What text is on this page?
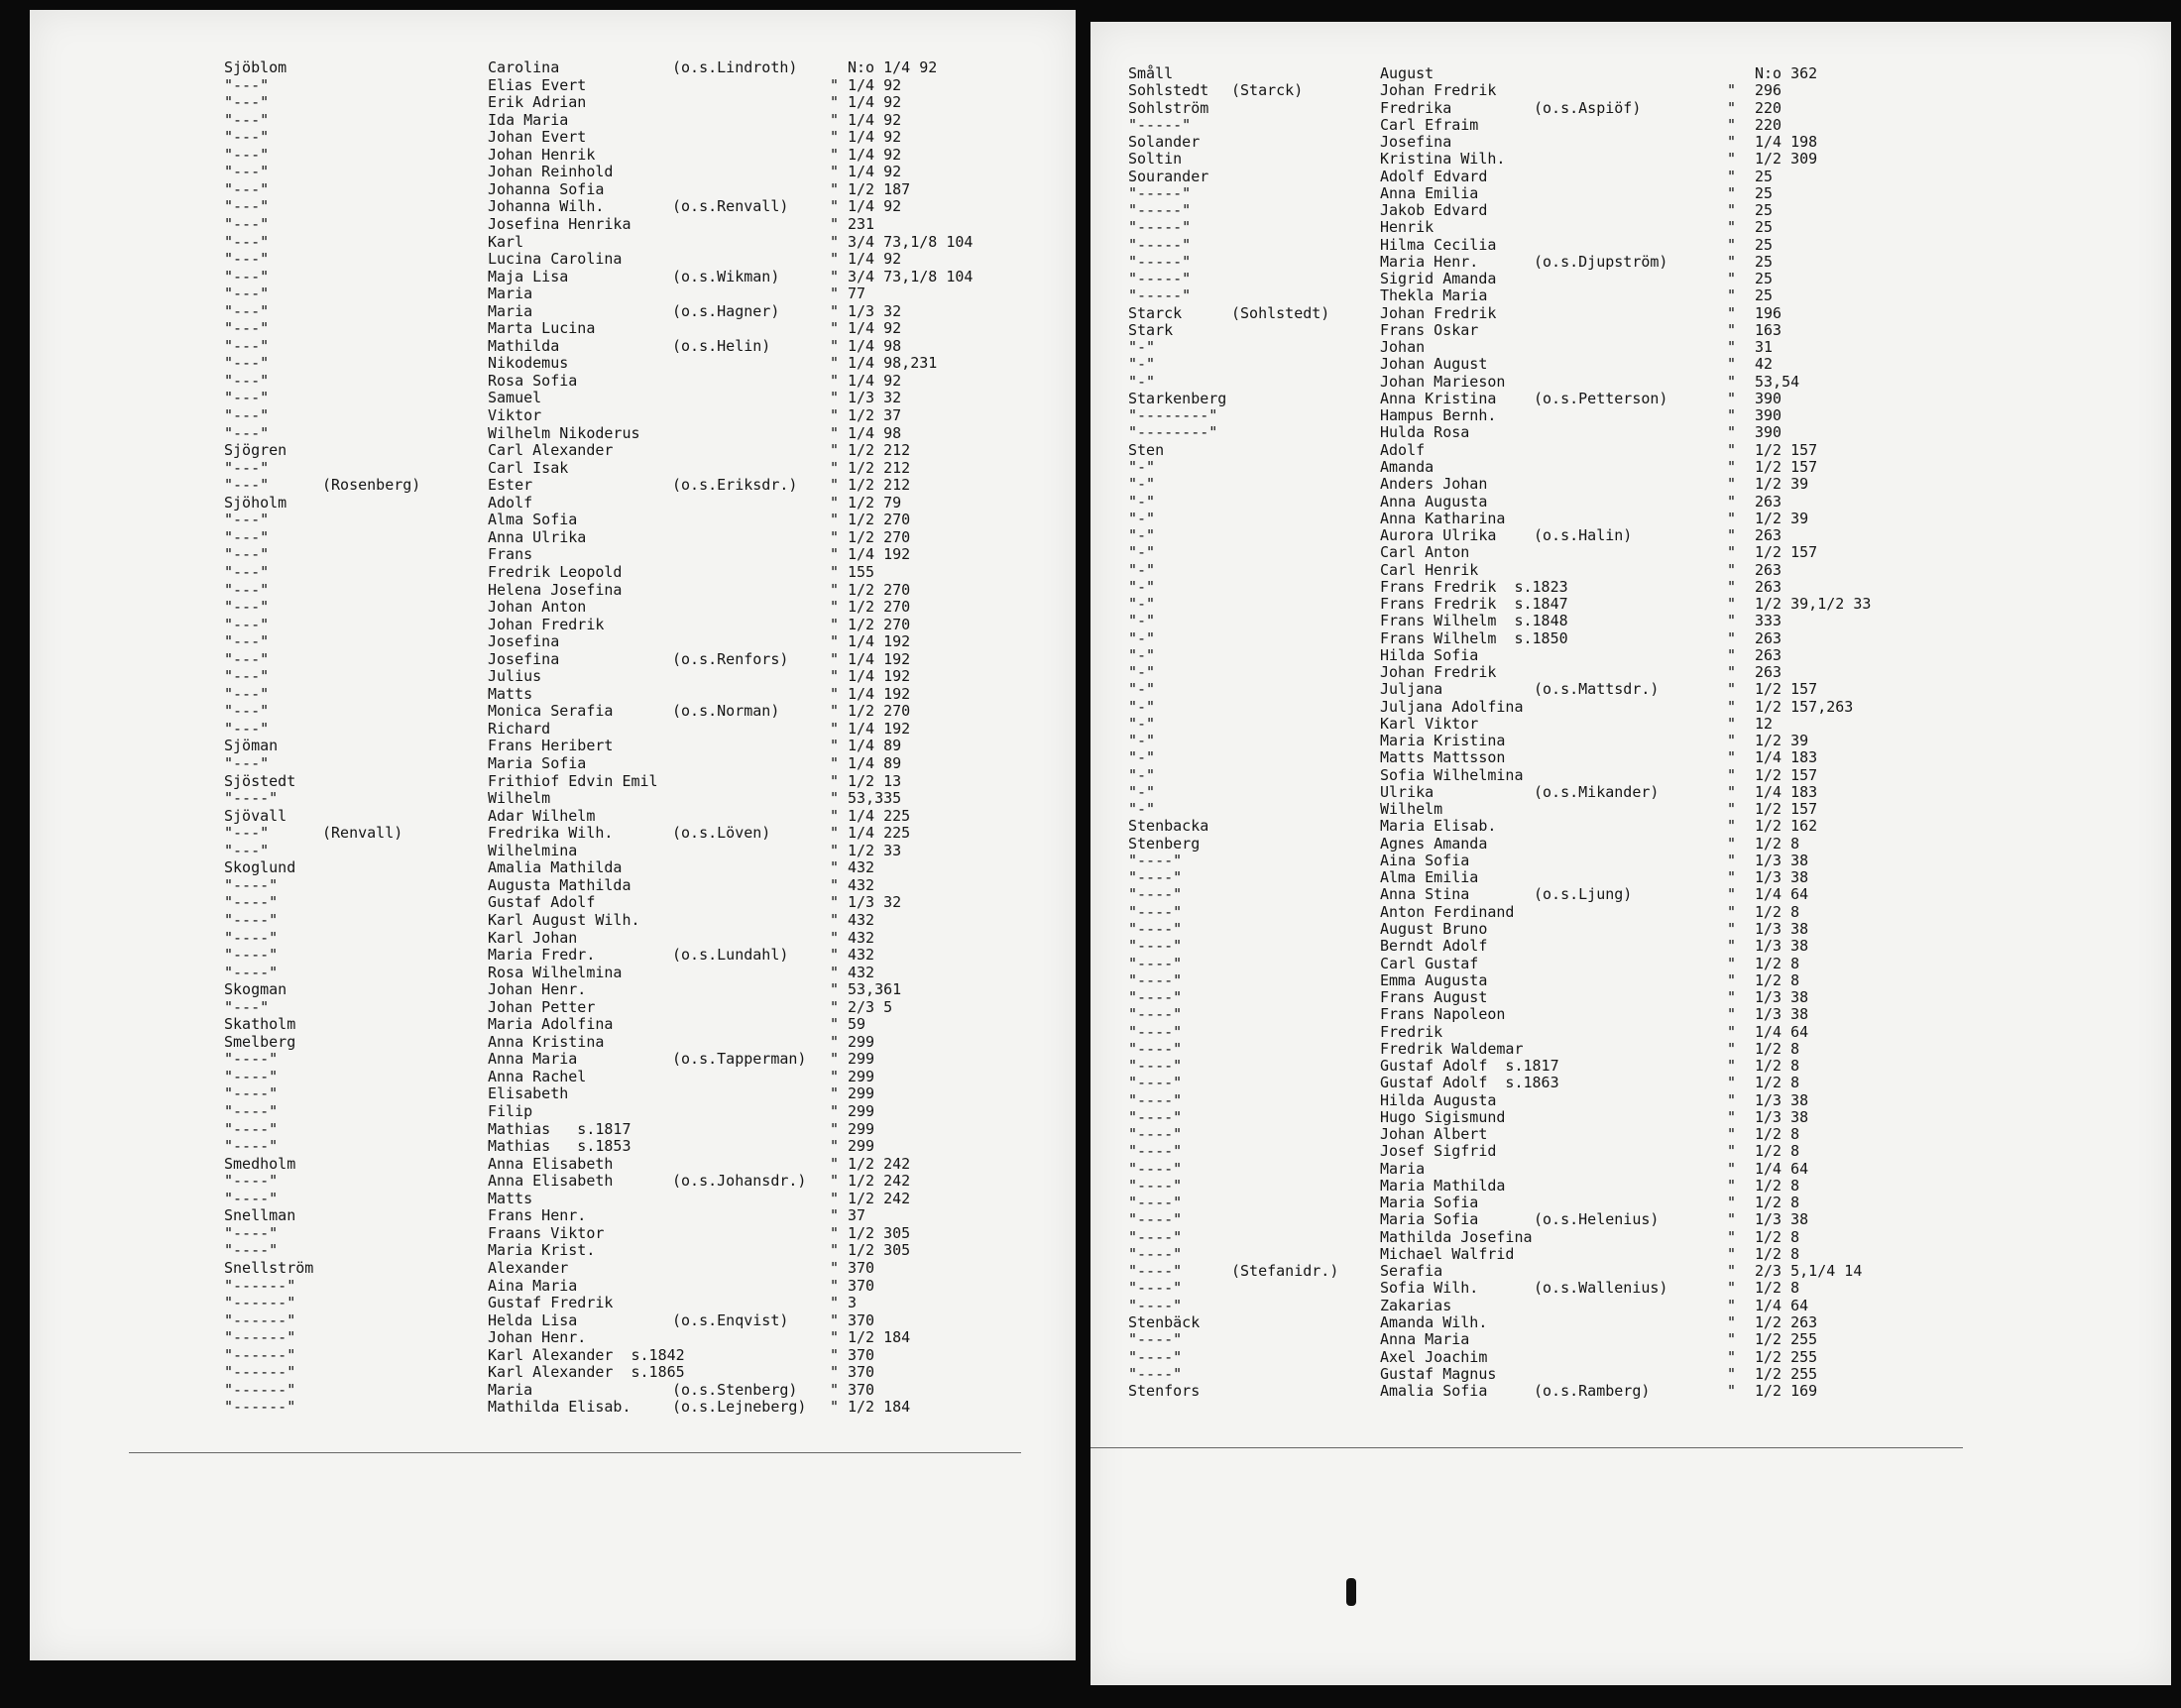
Sjöblom	Carolina	(o.s.Lindroth)	N:o 1/4 92
"---"	Elias Evert	" 1/4 92
"---"	Erik Adrian	" 1/4 92
"---"	Ida Maria	" 1/4 92
"---"	Johan Evert	" 1/4 92
"---"	Johan Henrik	" 1/4 92
"---"	Johan Reinhold	" 1/4 92
"---"	Johanna Sofia	" 1/2 187
"---"	Johanna Wilh.	(o.s.Renvall)	" 1/4 92
"---"	Josefina Henrika	" 231
"---"	Karl	" 3/4 73,1/8 104
"---"	Lucina Carolina	" 1/4 92
"---"	Maja Lisa	(o.s.Wikman)	" 3/4 73,1/8 104
"---"	Maria	" 77
"---"	Maria	(o.s.Hagner)	" 1/3 32
"---"	Marta Lucina	" 1/4 92
"---"	Mathilda	(o.s.Helin)	" 1/4 98
"---"	Nikodemus	" 1/4 98,231
"---"	Rosa Sofia	" 1/4 92
"---"	Samuel	" 1/3 32
"---"	Viktor	" 1/2 37
"---"	Wilhelm Nikoderus	" 1/4 98
Sjögren	Carl Alexander	" 1/2 212
"---"	Carl Isak	" 1/2 212
"---"	(Rosenberg)	Ester	(o.s.Eriksdr.) " 1/2 212
Sjöholm	Adolf	" 1/2 79
"---"	Alma Sofia	" 1/2 270
"---"	Anna Ulrika	" 1/2 270
"---"	Frans	" 1/4 192
"---"	Fredrik Leopold	" 155
"---"	Helena Josefina	" 1/2 270
"---"	Johan Anton	" 1/2 270
"---"	Johan Fredrik	" 1/2 270
"---"	Josefina	" 1/4 192
"---"	Josefina	(o.s.Renfors)	" 1/4 192
"---"	Julius	" 1/4 192
"---"	Matts	" 1/4 192
"---"	Monica Serafia	(o.s.Norman)	" 1/2 270
"---"	Richard	" 1/4 192
Sjöman	Frans Heribert	" 1/4 89
"---"	Maria Sofia	" 1/4 89
Sjöstedt	Frithiof Edvin Emil	" 1/2 13
"----"	Wilhelm	" 53,335
Sjövall	Adar Wilhelm	" 1/4 225
"---"	(Renvall)	Fredrika Wilh.	(o.s.Löven)	" 1/4 225
"---"	Wilhelmina	" 1/2 33
Skoglund	Amalia Mathilda	" 432
"----"	Augusta Mathilda	" 432
"----"	Gustaf Adolf	" 1/3 32
"----"	Karl August Wilh.	" 432
"----"	Karl Johan	" 432
"----"	Maria Fredr.	(o.s.Lundahl)	" 432
"----"	Rosa Wilhelmina	" 432
Skogman	Johan Henr.	" 53,361
"---"	Johan Petter	" 2/3 5
Skatholm	Maria Adolfina	" 59
Smelberg	Anna Kristina	" 299
"----"	Anna Maria	(o.s.Tapperman) " 299
"----"	Anna Rachel	" 299
"----"	Elisabeth	" 299
"----"	Filip	" 299
"----"	Mathias   s.1817	" 299
"----"	Mathias   s.1853	" 299
Smedholm	Anna Elisabeth	" 1/2 242
"----"	Anna Elisabeth	(o.s.Johansdr.) " 1/2 242
"----"	Matts	" 1/2 242
Snellman	Frans Henr.	" 37
"----"	Fraans Viktor	" 1/2 305
"----"	Maria Krist.	" 1/2 305
Snellström	Alexander	" 370
"------"	Aina Maria	" 370
"------"	Gustaf Fredrik	" 3
"------"	Helda Lisa	(o.s.Enqvist)	" 370
"------"	Johan Henr.	" 1/2 184
"------"	Karl Alexander  s.1842	" 370
"------"	Karl Alexander  s.1865	" 370
"------"	Maria	(o.s.Stenberg) " 370
"------"	Mathilda Elisab.	(o.s.Lejneberg) " 1/2 184
Småll	August	N:o 362
Sohlstedt (Starck)	Johan Fredrik	" 296
Sohlström	Fredrika	(o.s.Aspiöf)	" 220
"-----"	Carl Efraim	" 220
Solander	Josefina	" 1/4 198
Soltin	Kristina Wilh.	" 1/2 309
Sourander	Adolf Edvard	" 25
"-----"	Anna Emilia	" 25
"-----"	Jakob Edvard	" 25
"-----"	Henrik	" 25
"-----"	Hilma Cecilia	" 25
"-----"	Maria Henr.	(o.s.Djupström)	" 25
"-----"	Sigrid Amanda	" 25
"-----"	Thekla Maria	" 25
Starck	(Sohlstedt)	Johan Fredrik	" 196
Stark	Frans Oskar	" 163
"-"	Johan	" 31
"-"	Johan August	" 42
"-"	Johan Marieson	" 53,54
Starkenberg	Anna Kristina	(o.s.Petterson)	" 390
"--------"	Hampus Bernh.	" 390
"--------"	Hulda Rosa	" 390
Sten	Adolf	" 1/2 157
"-"	Amanda	" 1/2 157
"-"	Anders Johan	" 1/2 39
"-"	Anna Augusta	" 263
"-"	Anna Katharina	" 1/2 39
"-"	Aurora Ulrika	(o.s.Halin)	" 263
"-"	Carl Anton	" 1/2 157
"-"	Carl Henrik	" 263
"-"	Frans Fredrik  s.1823	" 263
"-"	Frans Fredrik  s.1847	" 1/2 39,1/2 33
"-"	Frans Wilhelm  s.1848	" 333
"-"	Frans Wilhelm  s.1850	" 263
"-"	Hilda Sofia	" 263
"-"	Johan Fredrik	" 263
"-"	Juljana	(o.s.Mattsdr.)	" 1/2 157
"-"	Juljana Adolfina	" 1/2 157,263
"-"	Karl Viktor	" 12
"-"	Maria Kristina	" 1/2 39
"-"	Matts Mattsson	" 1/4 183
"-"	Sofia Wilhelmina	" 1/2 157
"-"	Ulrika	(o.s.Mikander)	" 1/4 183
"-"	Wilhelm	" 1/2 157
Stenbacka	Maria Elisab.	" 1/2 162
Stenberg	Agnes Amanda	" 1/2 8
"----"	Aina Sofia	" 1/3 38
"----"	Alma Emilia	" 1/3 38
"----"	Anna Stina	(o.s.Ljung)	" 1/4 64
"----"	Anton Ferdinand	" 1/2 8
"----"	August Bruno	" 1/3 38
"----"	Berndt Adolf	" 1/3 38
"----"	Carl Gustaf	" 1/2 8
"----"	Emma Augusta	" 1/2 8
"----"	Frans August	" 1/3 38
"----"	Frans Napoleon	" 1/3 38
"----"	Fredrik	" 1/4 64
"----"	Fredrik Waldemar	" 1/2 8
"----"	Gustaf Adolf  s.1817	" 1/2 8
"----"	Gustaf Adolf  s.1863	" 1/2 8
"----"	Hilda Augusta	" 1/3 38
"----"	Hugo Sigismund	" 1/3 38
"----"	Johan Albert	" 1/2 8
"----"	Josef Sigfrid	" 1/2 8
"----"	Maria	" 1/4 64
"----"	Maria Mathilda	" 1/2 8
"----"	Maria Sofia	" 1/2 8
"----"	Maria Sofia	(o.s.Helenius)	" 1/3 38
"----"	Mathilda Josefina	" 1/2 8
"----"	Michael Walfrid	" 1/2 8
"----"	(Stefanidr.)	Serafia	" 2/3 5,1/4 14
"----"	Sofia Wilh.	(o.s.Wallenius)	" 1/2 8
"----"	Zakarias	" 1/4 64
Stenbäck	Amanda Wilh.	" 1/2 263
"----"	Anna Maria	" 1/2 255
"----"	Axel Joachim	" 1/2 255
"----"	Gustaf Magnus	" 1/2 255
Stenfors	Amalia Sofia	(o.s.Ramberg)	" 1/2 169
